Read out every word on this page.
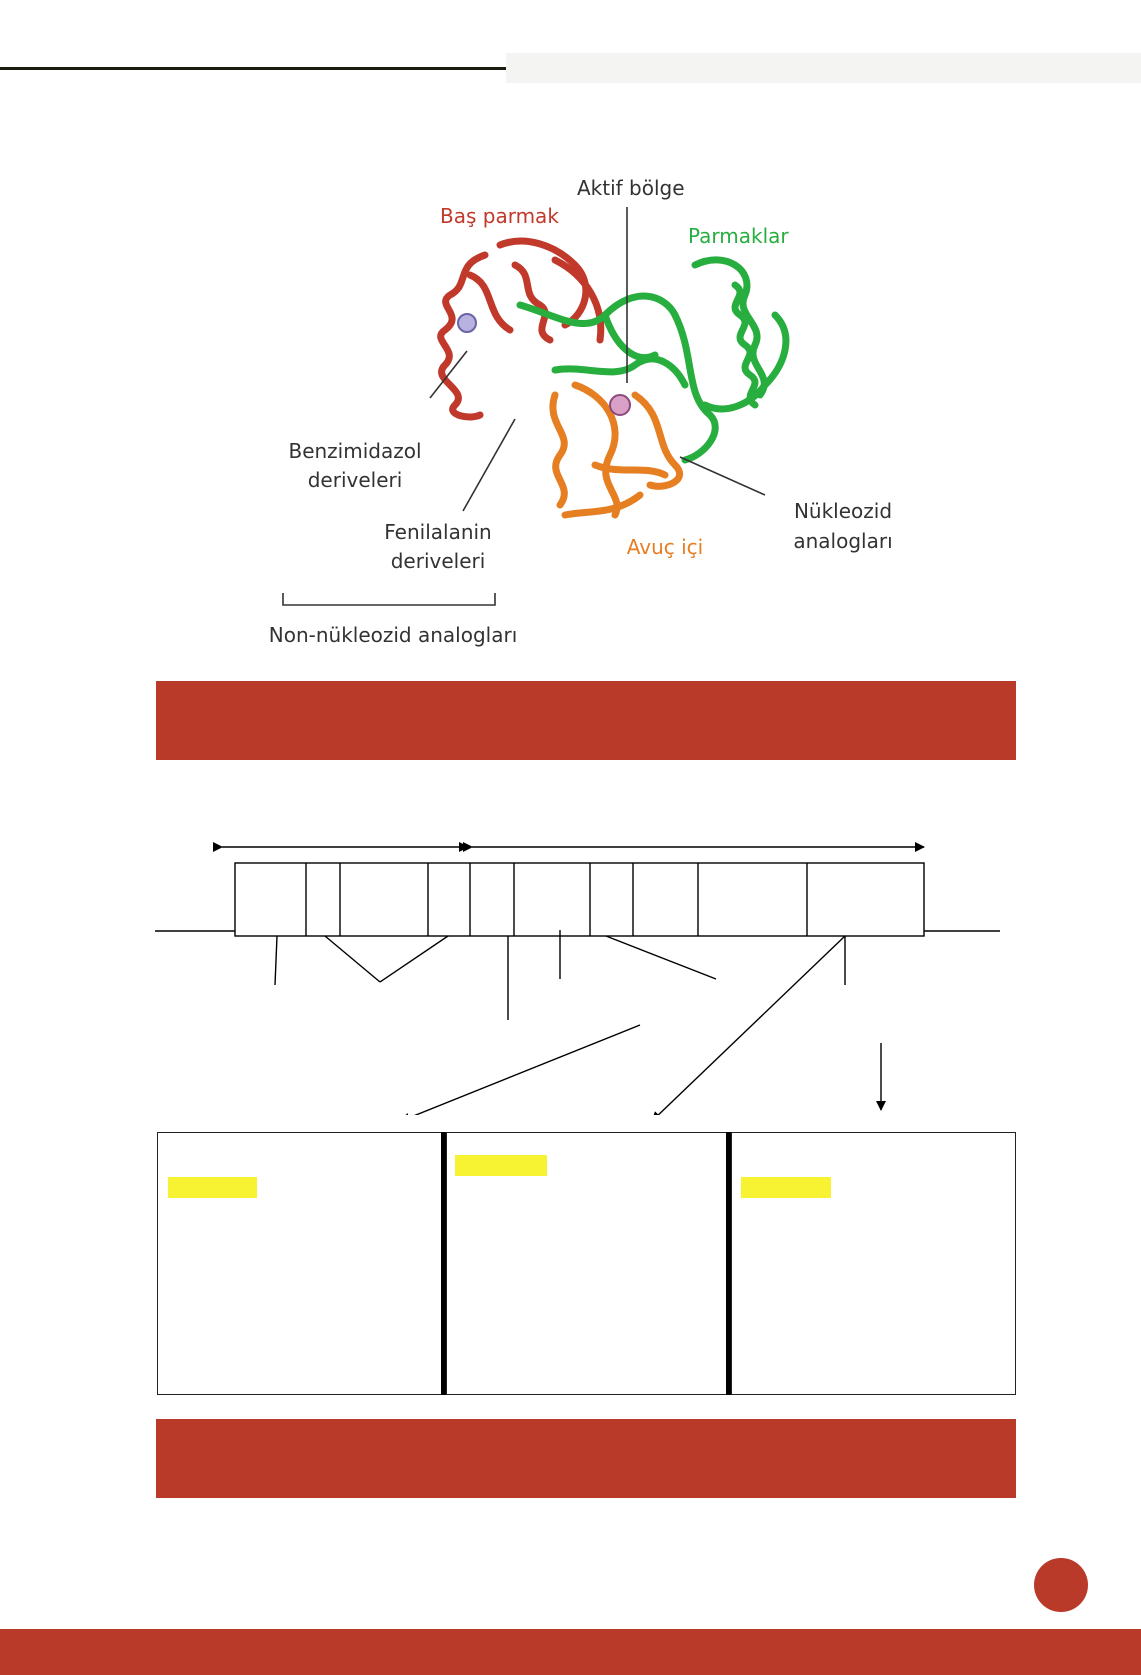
Aktif bölge
Baş parmak
Parmaklar
Benzimidazol
deriveleri
Fenilalanin
deriveleri
Nükleozid
analogları
Avuç içi
Non-nükleozid analogları
